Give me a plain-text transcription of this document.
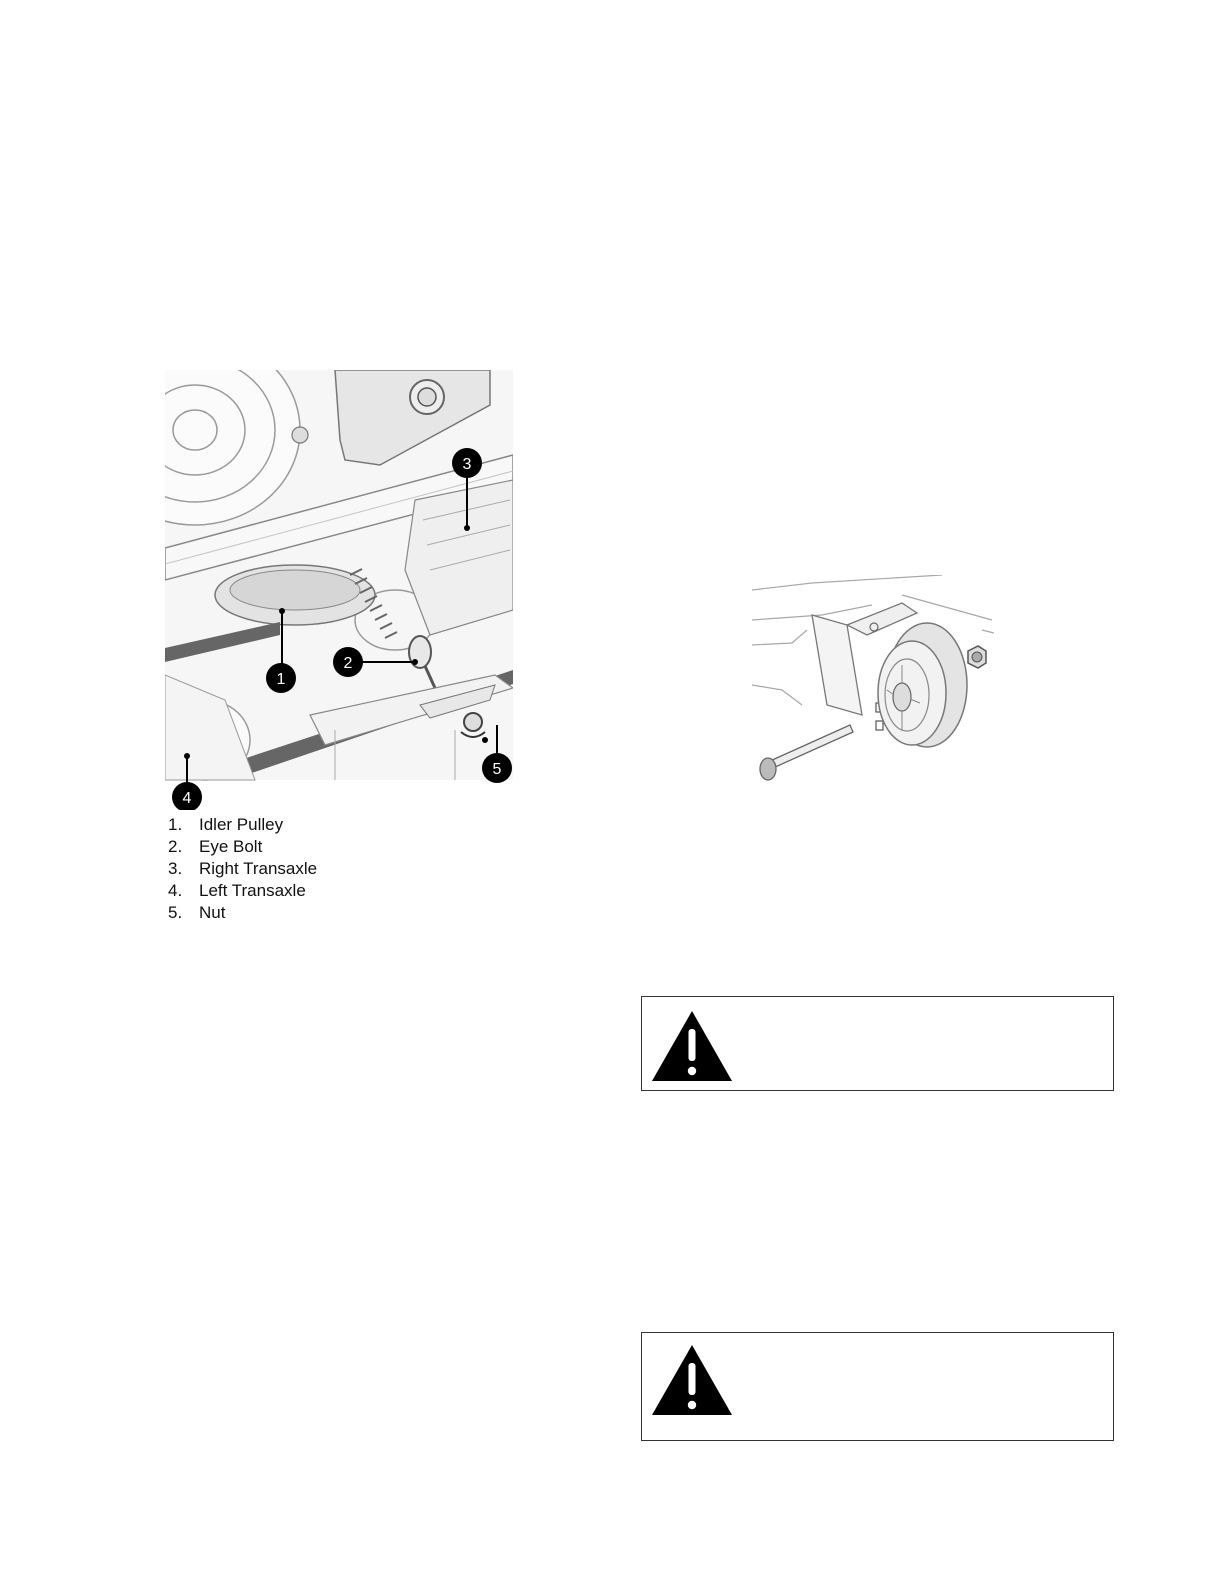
1
2
3
4
5
1. Idler Pulley
2. Eye Bolt
3. Right Transaxle
4. Left Transaxle
5. Nut
